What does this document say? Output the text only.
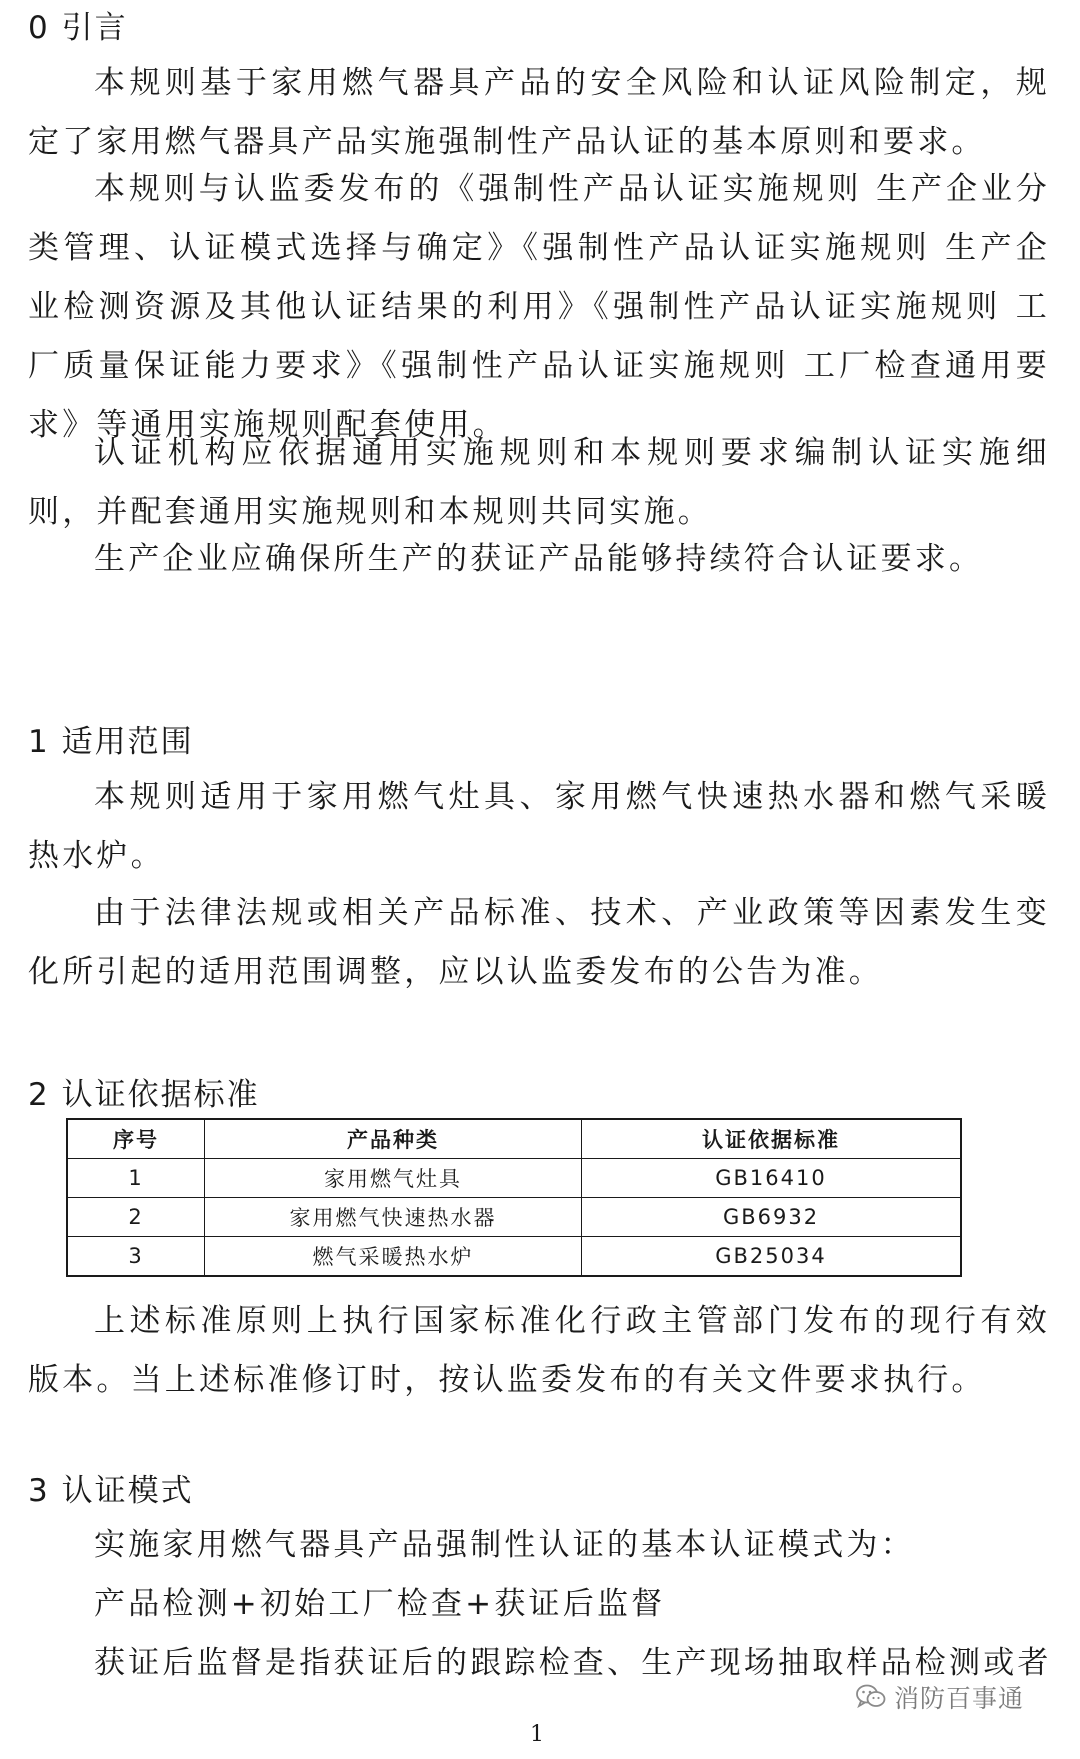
0 引言

本规则基于家用燃气器具产品的安全风险和认证风险制定，规定了家用燃气器具产品实施强制性产品认证的基本原则和要求。

本规则与认监委发布的《强制性产品认证实施规则 生产企业分类管理、认证模式选择与确定》《强制性产品认证实施规则 生产企业检测资源及其他认证结果的利用》《强制性产品认证实施规则 工厂质量保证能力要求》《强制性产品认证实施规则 工厂检查通用要求》等通用实施规则配套使用。

认证机构应依据通用实施规则和本规则要求编制认证实施细则，并配套通用实施规则和本规则共同实施。

生产企业应确保所生产的获证产品能够持续符合认证要求。

1 适用范围

本规则适用于家用燃气灶具、家用燃气快速热水器和燃气采暖热水炉。

由于法律法规或相关产品标准、技术、产业政策等因素发生变化所引起的适用范围调整，应以认监委发布的公告为准。

2 认证依据标准
3 认证模式

实施家用燃气器具产品强制性认证的基本认证模式为：

产品检测+初始工厂检查+获证后监督

获证后监督是指获证后的跟踪检查、生产现场抽取样品检测或者

序号	产品种类	认证依据标准
1	家用燃气灶具	GB16410
2	家用燃气快速热水器	GB6932
3	燃气采暖热水炉	GB25034

上述标准原则上执行国家标准化行政主管部门发布的现行有效版本。当上述标准修订时，按认监委发布的有关文件要求执行。

消防百事通
1
